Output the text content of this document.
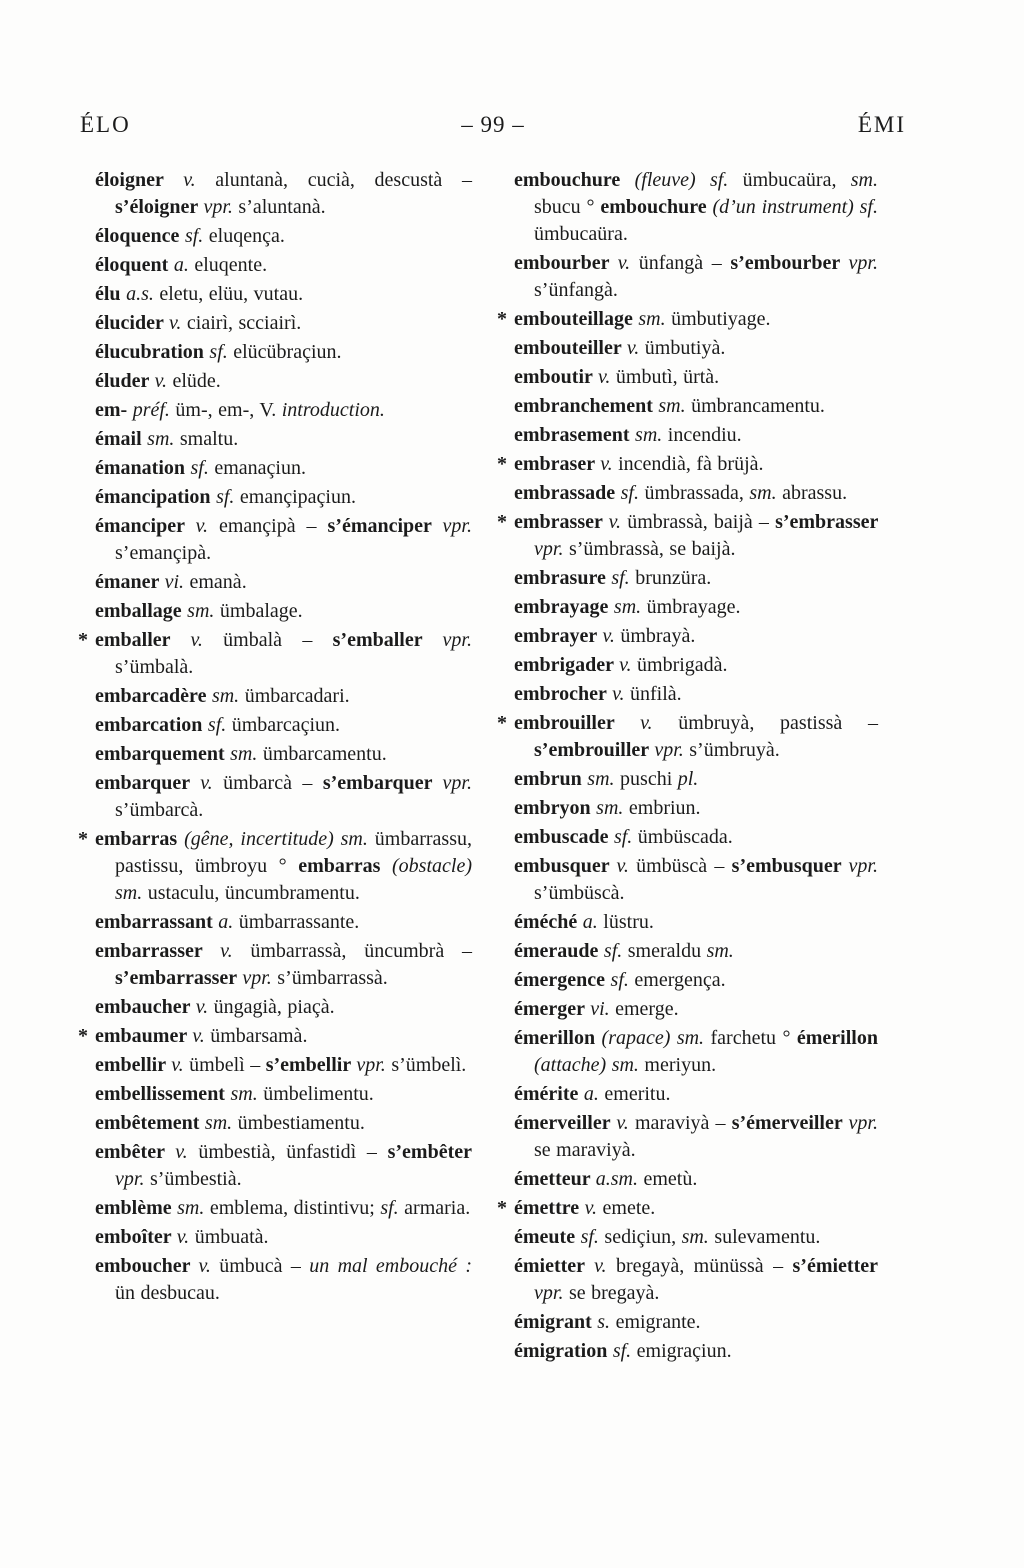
ÉLO	– 99 –	ÉMI

éloigner v. aluntanà, cucià, descustà – s’éloigner vpr. s’aluntanà.

éloquence sf. eluqença.

éloquent a. eluqente.

élu a.s. eletu, elüu, vutau.

élucider v. ciairì, scciairì.

élucubration sf. elücübraçiun.

éluder v. elüde.

em- préf. üm-, em-, V. introduction.

émail sm. smaltu.

émanation sf. emanaçiun.

émancipation sf. emançipaçiun.

émanciper v. emançipà – s’émanciper vpr. s’emançipà.

émaner vi. emanà.

emballage sm. ümbalage.

* emballer v. ümbalà – s’emballer vpr. s’ümbalà.

embarcadère sm. ümbarcadari.

embarcation sf. ümbarcaçiun.

embarquement sm. ümbarcamentu.

embarquer v. ümbarcà – s’embarquer vpr. s’ümbarcà.

* embarras (gêne, incertitude) sm. ümbarrassu, pastissu, ümbroyu ° embarras (obstacle) sm. ustaculu, üncumbramentu.

embarrassant a. ümbarrassante.

embarrasser v. ümbarrassà, üncumbrà – s’embarrasser vpr. s’ümbarrassà.

embaucher v. üngagià, piaçà.

* embaumer v. ümbarsamà.

embellir v. ümbelì – s’embellir vpr. s’ümbelì.

embellissement sm. ümbelimentu.

embêtement sm. ümbestiamentu.

embêter v. ümbestià, ünfastidì – s’embêter vpr. s’ümbestià.

emblème sm. emblema, distintivu; sf. armaria.

emboîter v. ümbuatà.

emboucher v. ümbucà – un mal embouché : ün desbucau.

embouchure (fleuve) sf. ümbucaüra, sm. sbucu ° embouchure (d’un instrument) sf. ümbucaüra.

embourber v. ünfangà – s’embourber vpr. s’ünfangà.

* embouteillage sm. ümbutiyage.

embouteiller v. ümbutiyà.

emboutir v. ümbutì, ürtà.

embranchement sm. ümbrancamentu.

embrasement sm. incendiu.

* embraser v. incendià, fà brüjà.

embrassade sf. ümbrassada, sm. abrassu.

* embrasser v. ümbrassà, baijà – s’embrasser vpr. s’ümbrassà, se baijà.

embrasure sf. brunzüra.

embrayage sm. ümbrayage.

embrayer v. ümbrayà.

embrigader v. ümbrigadà.

embrocher v. ünfilà.

* embrouiller v. ümbruyà, pastissà – s’embrouiller vpr. s’ümbruyà.

embrun sm. puschi pl.

embryon sm. embriun.

embuscade sf. ümbüscada.

embusquer v. ümbüscà – s’embusquer vpr. s’ümbüscà.

éméché a. lüstru.

émeraude sf. smeraldu sm.

émergence sf. emergença.

émerger vi. emerge.

émerillon (rapace) sm. farchetu ° émerillon (attache) sm. meriyun.

émérite a. emeritu.

émerveiller v. maraviyà – s’émerveiller vpr. se maraviyà.

émetteur a.sm. emetù.

* émettre v. emete.

émeute sf. sediçiun, sm. sulevamentu.

émietter v. bregayà, münüssà – s’émietter vpr. se bregayà.

émigrant s. emigrante.

émigration sf. emigraçiun.
